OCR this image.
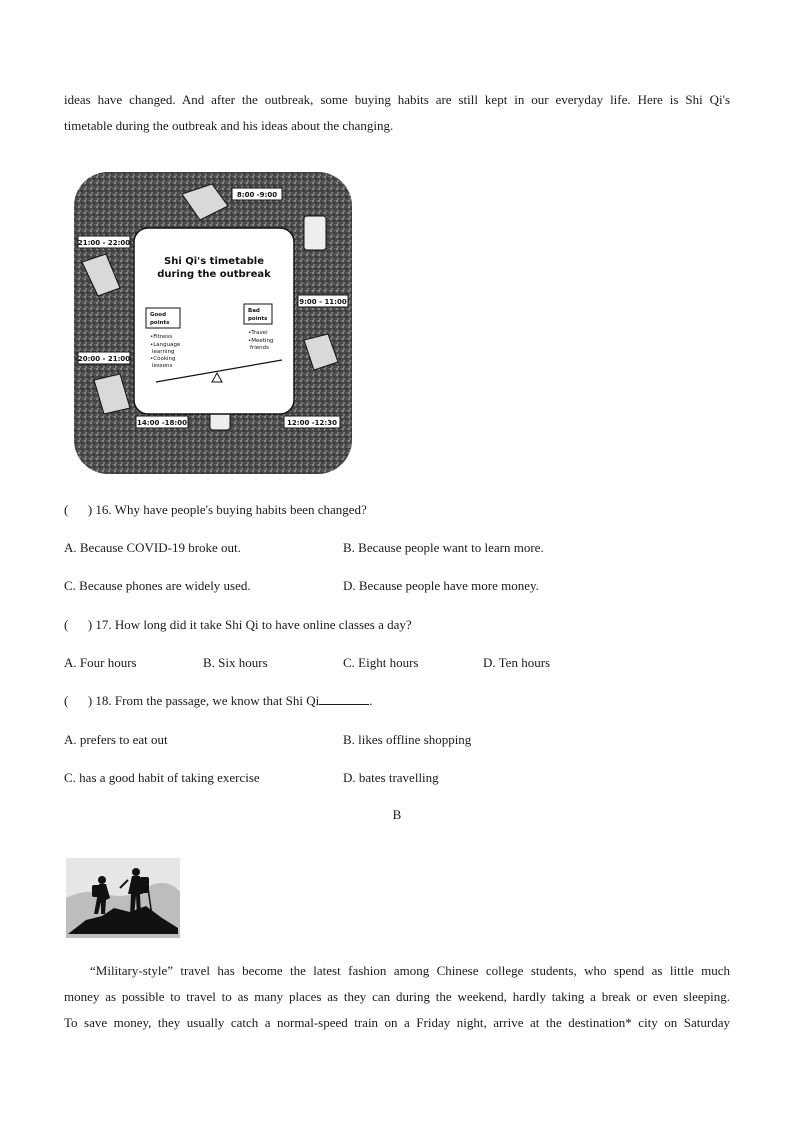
ideas have changed. And after the outbreak, some buying habits are still kept in our everyday life. Here is Shi Qi's
timetable during the outbreak and his ideas about the changing.
8:00 -9:00
9:00 - 11:00
12:00 -12:30
14:00 -18:00
20:00 - 21:00
21:00 - 22:00
Shi Qi's timetable
during the outbreak
Good
points
•Fitness
•Language
learning
•Cooking
lessons
Bad
points
•Travel
•Meeting
friends
(      ) 16. Why have people's buying habits been changed?
A. Because COVID-19 broke out.	B. Because people want to learn more.
C. Because phones are widely used.	D. Because people have more money.
(      ) 17. How long did it take Shi Qi to have online classes a day?
A. Four hours	B. Six hours	C. Eight hours	D. Ten hours
(      ) 18. From the passage, we know that Shi Qi	.
A. prefers to eat out	B. likes offline shopping
C. has a good habit of taking exercise	D. bates travelling
B
“Military-style” travel has become the latest fashion among Chinese college students, who spend as little much
money as possible to travel to as many places as they can during the weekend, hardly taking a break or even sleeping.
To save money, they usually catch a normal-speed train on a Friday night, arrive at the destination* city on Saturday
